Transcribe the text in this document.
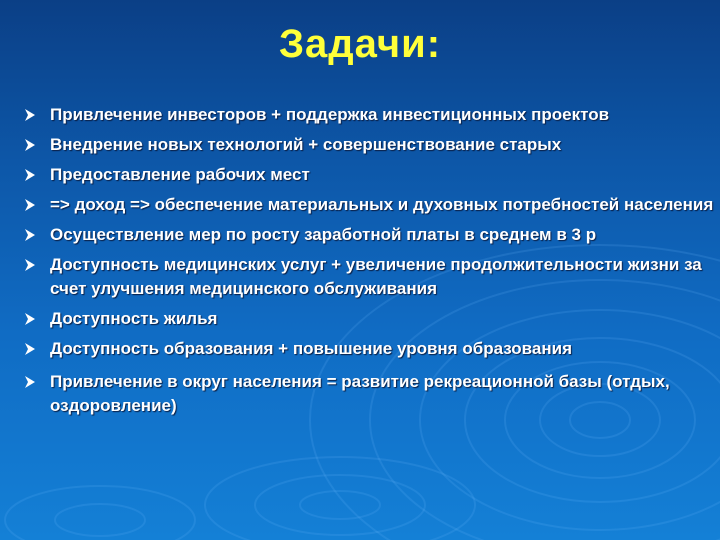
Задачи:
Привлечение инвесторов + поддержка инвестиционных проектов
Внедрение новых технологий + совершенствование старых
Предоставление рабочих мест
=> доход => обеспечение материальных и духовных потребностей населения
Осуществление мер по росту заработной платы в среднем в 3 р
Доступность медицинских услуг + увеличение продолжительности жизни за счет улучшения медицинского обслуживания
Доступность жилья
Доступность образования + повышение уровня образования
Привлечение в округ населения = развитие рекреационной базы (отдых, оздоровление)
